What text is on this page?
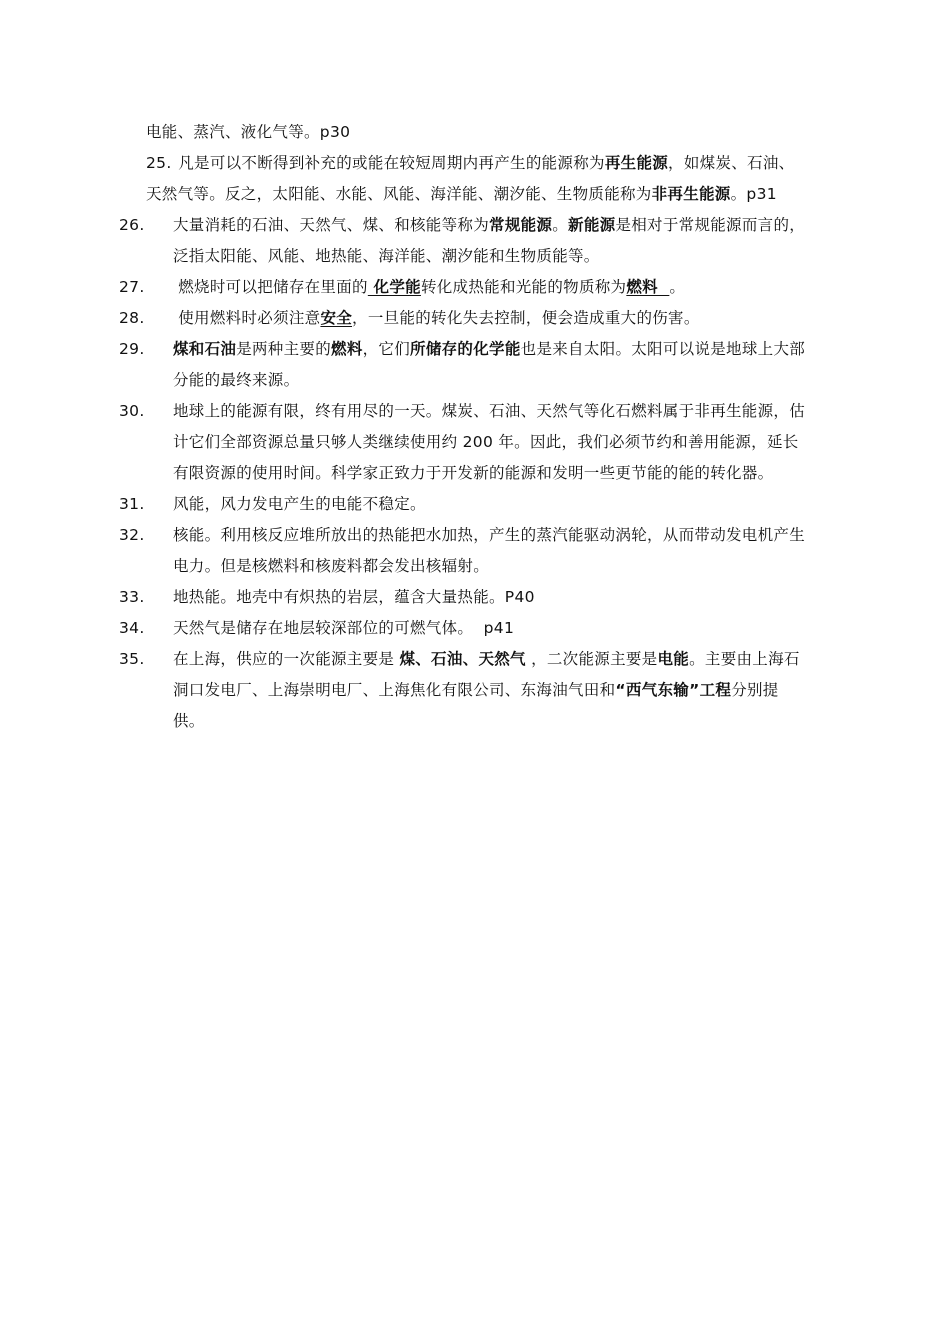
电能、蒸汽、液化气等。p30

25. 凡是可以不断得到补充的或能在较短周期内再产生的能源称为再生能源，如煤炭、石油、天然气等。反之，太阳能、水能、风能、海洋能、潮汐能、生物质能称为非再生能源。p31

26. 大量消耗的石油、天然气、煤、和核能等称为常规能源。新能源是相对于常规能源而言的，泛指太阳能、风能、地热能、海洋能、潮汐能和生物质能等。

27. 燃烧时可以把储存在里面的 化学能转化成热能和光能的物质称为燃料  。

28. 使用燃料时必须注意安全，一旦能的转化失去控制，便会造成重大的伤害。

29. 煤和石油是两种主要的燃料，它们所储存的化学能也是来自太阳。太阳可以说是地球上大部分能的最终来源。

30. 地球上的能源有限，终有用尽的一天。煤炭、石油、天然气等化石燃料属于非再生能源，估计它们全部资源总量只够人类继续使用约 200 年。因此，我们必须节约和善用能源，延长有限资源的使用时间。科学家正致力于开发新的能源和发明一些更节能的能的转化器。

31. 风能，风力发电产生的电能不稳定。

32. 核能。利用核反应堆所放出的热能把水加热，产生的蒸汽能驱动涡轮，从而带动发电机产生电力。但是核燃料和核废料都会发出核辐射。

33. 地热能。地壳中有炽热的岩层，蕴含大量热能。P40

34. 天然气是储存在地层较深部位的可燃气体。  p41

35. 在上海，供应的一次能源主要是 煤、石油、天然气 ，二次能源主要是电能。主要由上海石洞口发电厂、上海崇明电厂、上海焦化有限公司、东海油气田和“西气东输”工程分别提供。
